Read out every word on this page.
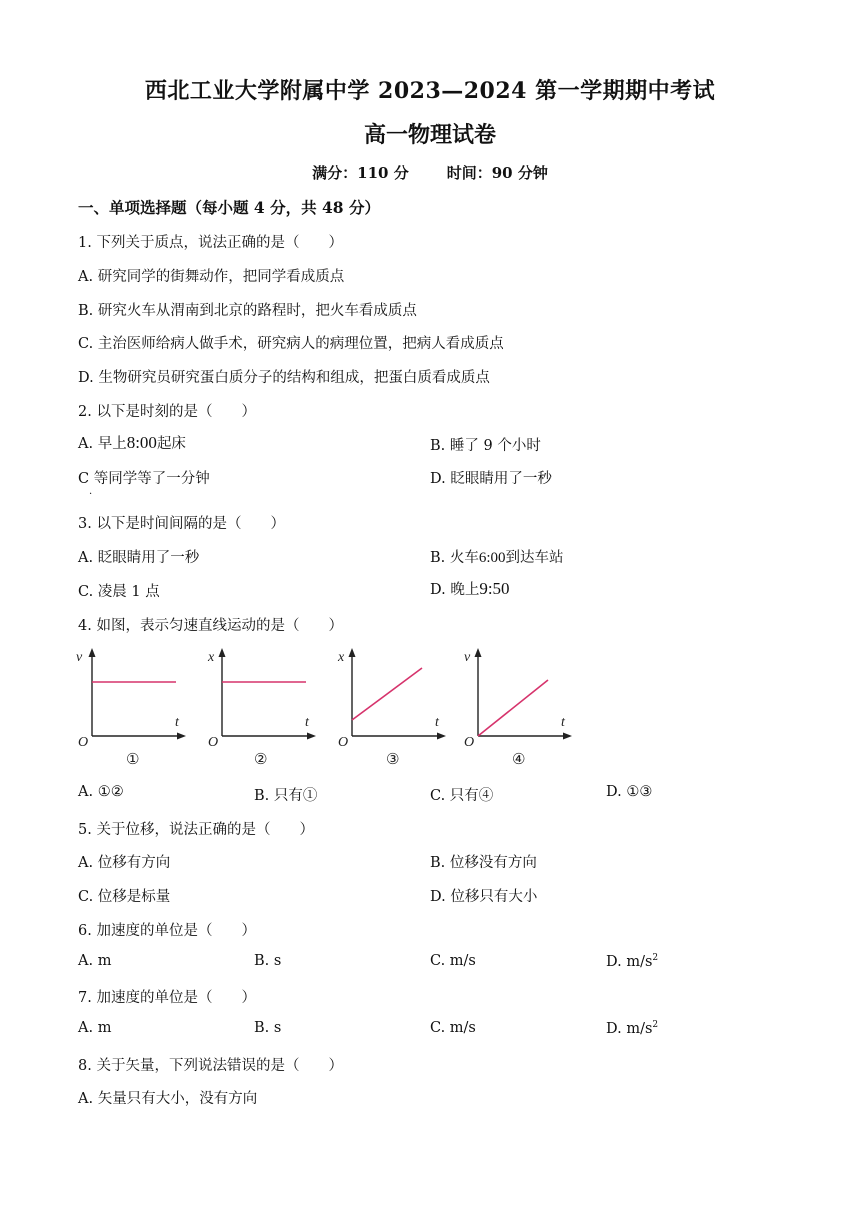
西北工业大学附属中学 2023—2024 第一学期期中考试
高一物理试卷
满分：110 分	时间：90 分钟
一、单项选择题（每小题 4 分，共 48 分）
1. 下列关于质点，说法正确的是（　　）
A. 研究同学的街舞动作，把同学看成质点
B. 研究火车从渭南到北京的路程时，把火车看成质点
C. 主治医师给病人做手术，研究病人的病理位置，把病人看成质点
D. 生物研究员研究蛋白质分子的结构和组成，把蛋白质看成质点
2. 以下是时刻的是（　　）
A. 早上8:00起床	B. 睡了 9 个小时
C 等同学等了一分钟
.
D. 眨眼睛用了一秒
3. 以下是时间间隔的是（　　）
A. 眨眼睛用了一秒	B. 火车6:00到达车站
C. 凌晨 1 点	D. 晚上9:50
4. 如图，表示匀速直线运动的是（　　）
v
t
O
①
x
t
O
②
x
t
O
③
v
t
O
④
A. ①②	B. 只有①	C. 只有④	D. ①③
5. 关于位移，说法正确的是（　　）
A. 位移有方向	B. 位移没有方向
C. 位移是标量	D. 位移只有大小
6. 加速度的单位是（　　）
A. m	B. s	C. m/s	D. $m/s^2$
7. 加速度的单位是（　　）
A. m	B. s	C. m/s	D. $m/s^2$
8. 关于矢量，下列说法错误的是（　　）
A. 矢量只有大小，没有方向
